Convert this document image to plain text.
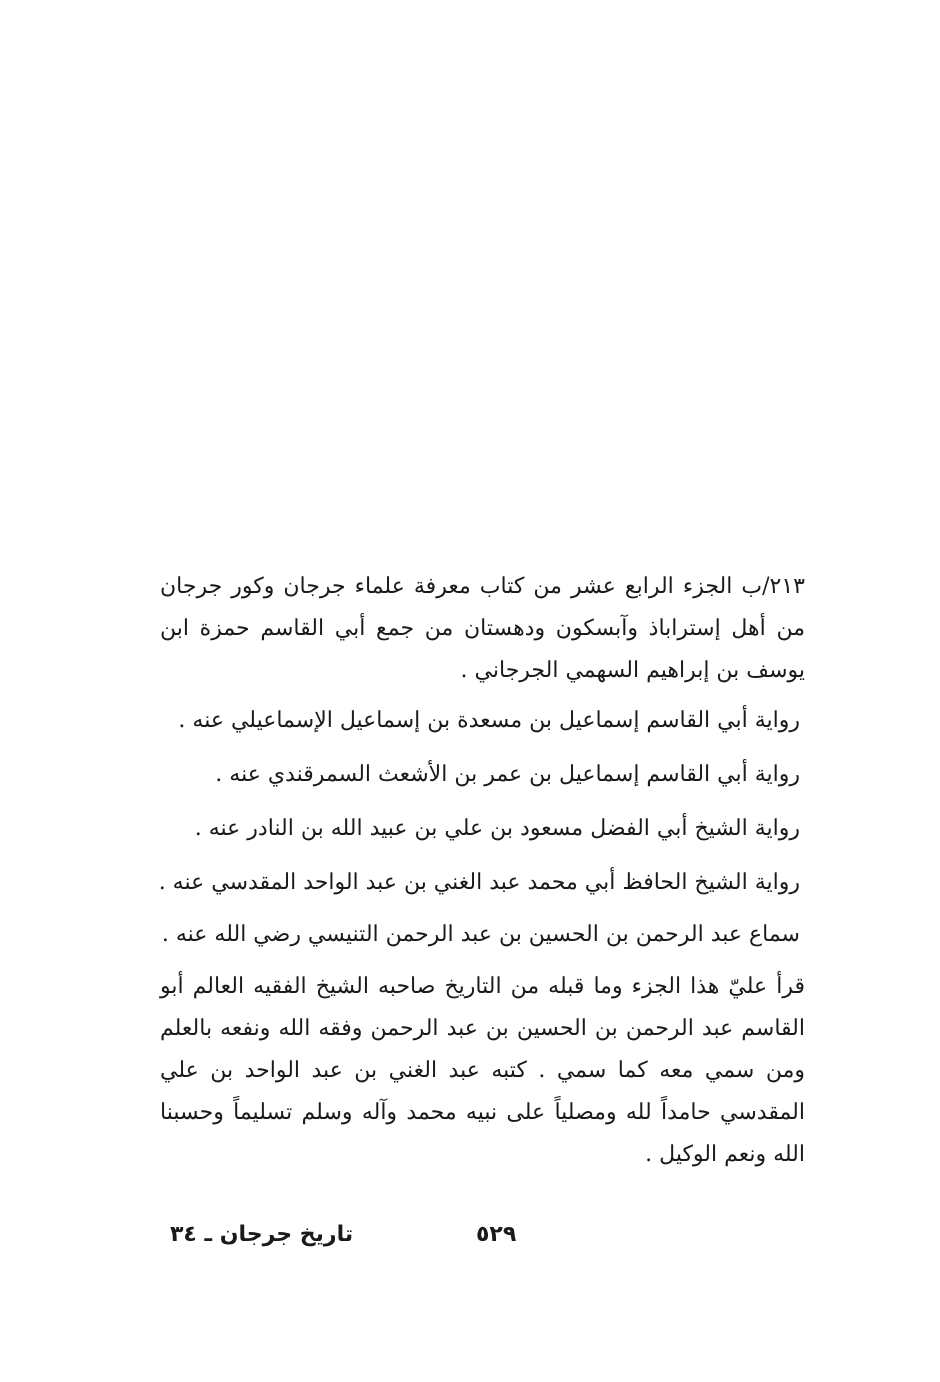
٢١٣/ب الجزء الرابع عشر من كتاب معرفة علماء جرجان وكور جرجان من أهل إستراباذ وآبسكون ودهستان من جمع أبي القاسم حمزة ابن يوسف بن إبراهيم السهمي الجرجاني .

رواية أبي القاسم إسماعيل بن مسعدة بن إسماعيل الإسماعيلي عنه .

رواية أبي القاسم إسماعيل بن عمر بن الأشعث السمرقندي عنه .

رواية الشيخ أبي الفضل مسعود بن علي بن عبيد الله بن النادر عنه .

رواية الشيخ الحافظ أبي محمد عبد الغني بن عبد الواحد المقدسي عنه .

سماع عبد الرحمن بن الحسين بن عبد الرحمن التنيسي رضي الله عنه .

قرأ عليّ هذا الجزء وما قبله من التاريخ صاحبه الشيخ الفقيه العالم أبو القاسم عبد الرحمن بن الحسين بن عبد الرحمن وفقه الله ونفعه بالعلم ومن سمي معه كما سمي . كتبه عبد الغني بن عبد الواحد بن علي المقدسي حامداً لله ومصلياً على نبيه محمد وآله وسلم تسليماً وحسبنا الله ونعم الوكيل .

٥٢٩
تاريخ جرجان ـ ٣٤
